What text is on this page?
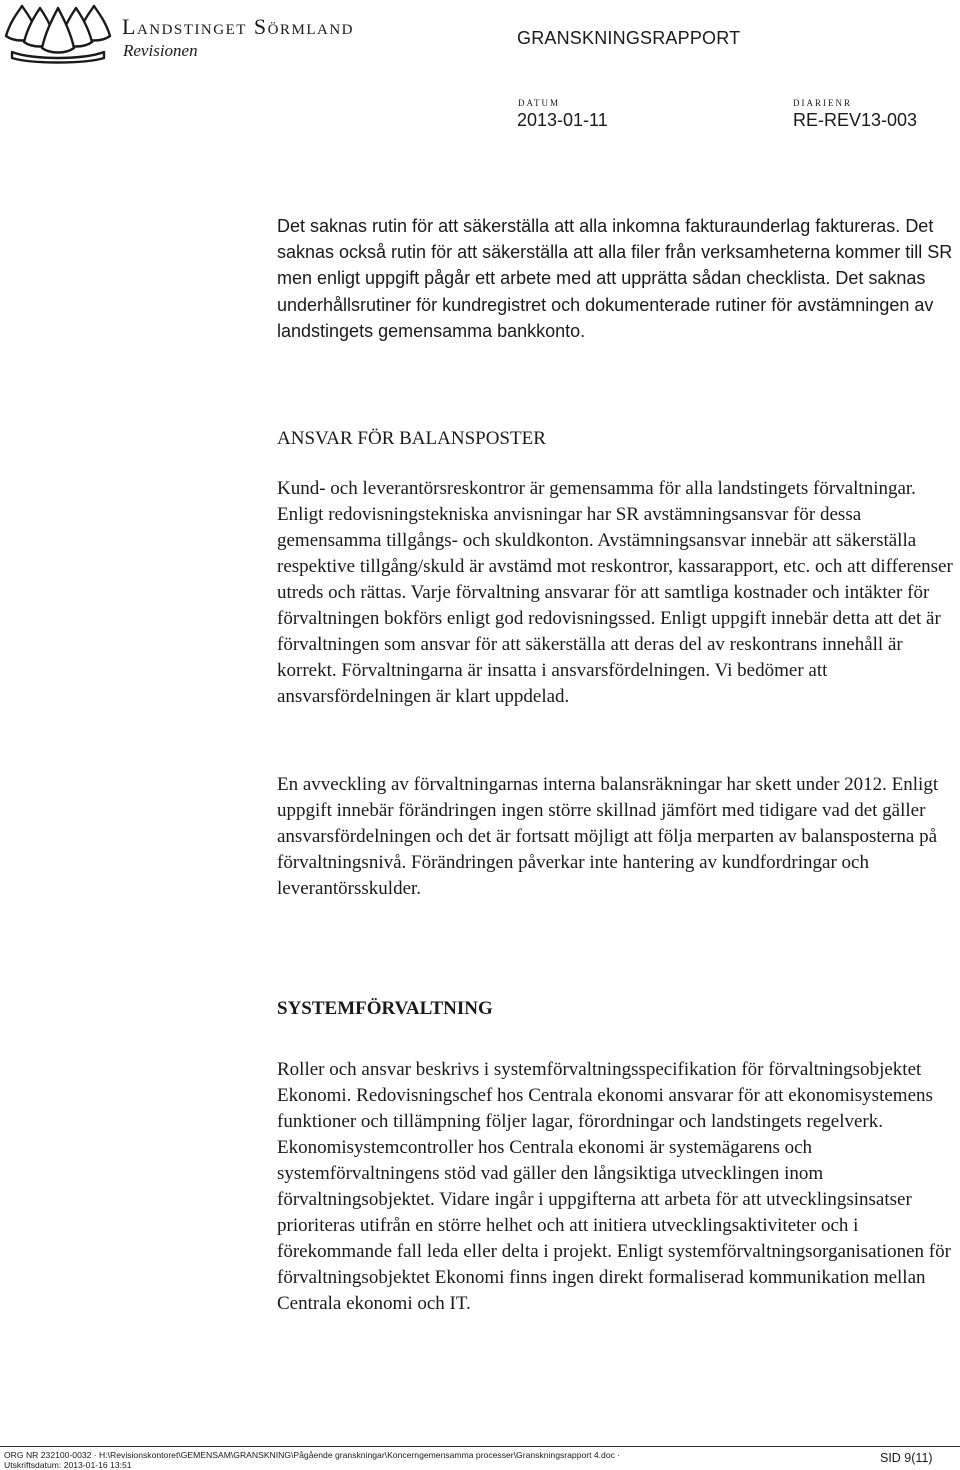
Landstinget Sörmland
Revisionen
GRANSKNINGSRAPPORT
DATUM
2013-01-11
DIARIENR
RE-REV13-003

Det saknas rutin för att säkerställa att alla inkomna fakturaunderlag faktureras. Det saknas också rutin för att säkerställa att alla filer från verksamheterna kommer till SR men enligt uppgift pågår ett arbete med att upprätta sådan checklista. Det saknas underhållsrutiner för kundregistret och dokumenterade rutiner för avstämningen av landstingets gemensamma bankkonto.

ANSVAR FÖR BALANSPOSTER

Kund- och leverantörsreskontror är gemensamma för alla landstingets förvaltningar. Enligt redovisningstekniska anvisningar har SR avstämningsansvar för dessa gemensamma tillgångs- och skuldkonton. Avstämningsansvar innebär att säkerställa respektive tillgång/skuld är avstämd mot reskontror, kassarapport, etc. och att differenser utreds och rättas. Varje förvaltning ansvarar för att samtliga kostnader och intäkter för förvaltningen bokförs enligt god redovisningssed. Enligt uppgift innebär detta att det är förvaltningen som ansvar för att säkerställa att deras del av reskontrans innehåll är korrekt. Förvaltningarna är insatta i ansvarsfördelningen. Vi bedömer att ansvarsfördelningen är klart uppdelad.

En avveckling av förvaltningarnas interna balansräkningar har skett under 2012. Enligt uppgift innebär förändringen ingen större skillnad jämfört med tidigare vad det gäller ansvarsfördelningen och det är fortsatt möjligt att följa merparten av balansposterna på förvaltningsnivå. Förändringen påverkar inte hantering av kundfordringar och leverantörsskulder.

SYSTEMFÖRVALTNING

Roller och ansvar beskrivs i systemförvaltningsspecifikation för förvaltningsobjektet Ekonomi. Redovisningschef hos Centrala ekonomi ansvarar för att ekonomisystemens funktioner och tillämpning följer lagar, förordningar och landstingets regelverk. Ekonomisystemcontroller hos Centrala ekonomi är systemägarens och systemförvaltningens stöd vad gäller den långsiktiga utvecklingen inom förvaltningsobjektet. Vidare ingår i uppgifterna att arbeta för att utvecklingsinsatser prioriteras utifrån en större helhet och att initiera utvecklingsaktiviteter och i förekommande fall leda eller delta i projekt. Enligt systemförvaltningsorganisationen för förvaltningsobjektet Ekonomi finns ingen direkt formaliserad kommunikation mellan Centrala ekonomi och IT.

ORG NR 232100-0032 · H:\Revisionskontoret\GEMENSAM\GRANSKNING\Pågående granskningar\Koncerngemensamma processer\Granskningsrapport 4.doc ·
Utskriftsdatum: 2013-01-16 13:51	SID 9(11)
